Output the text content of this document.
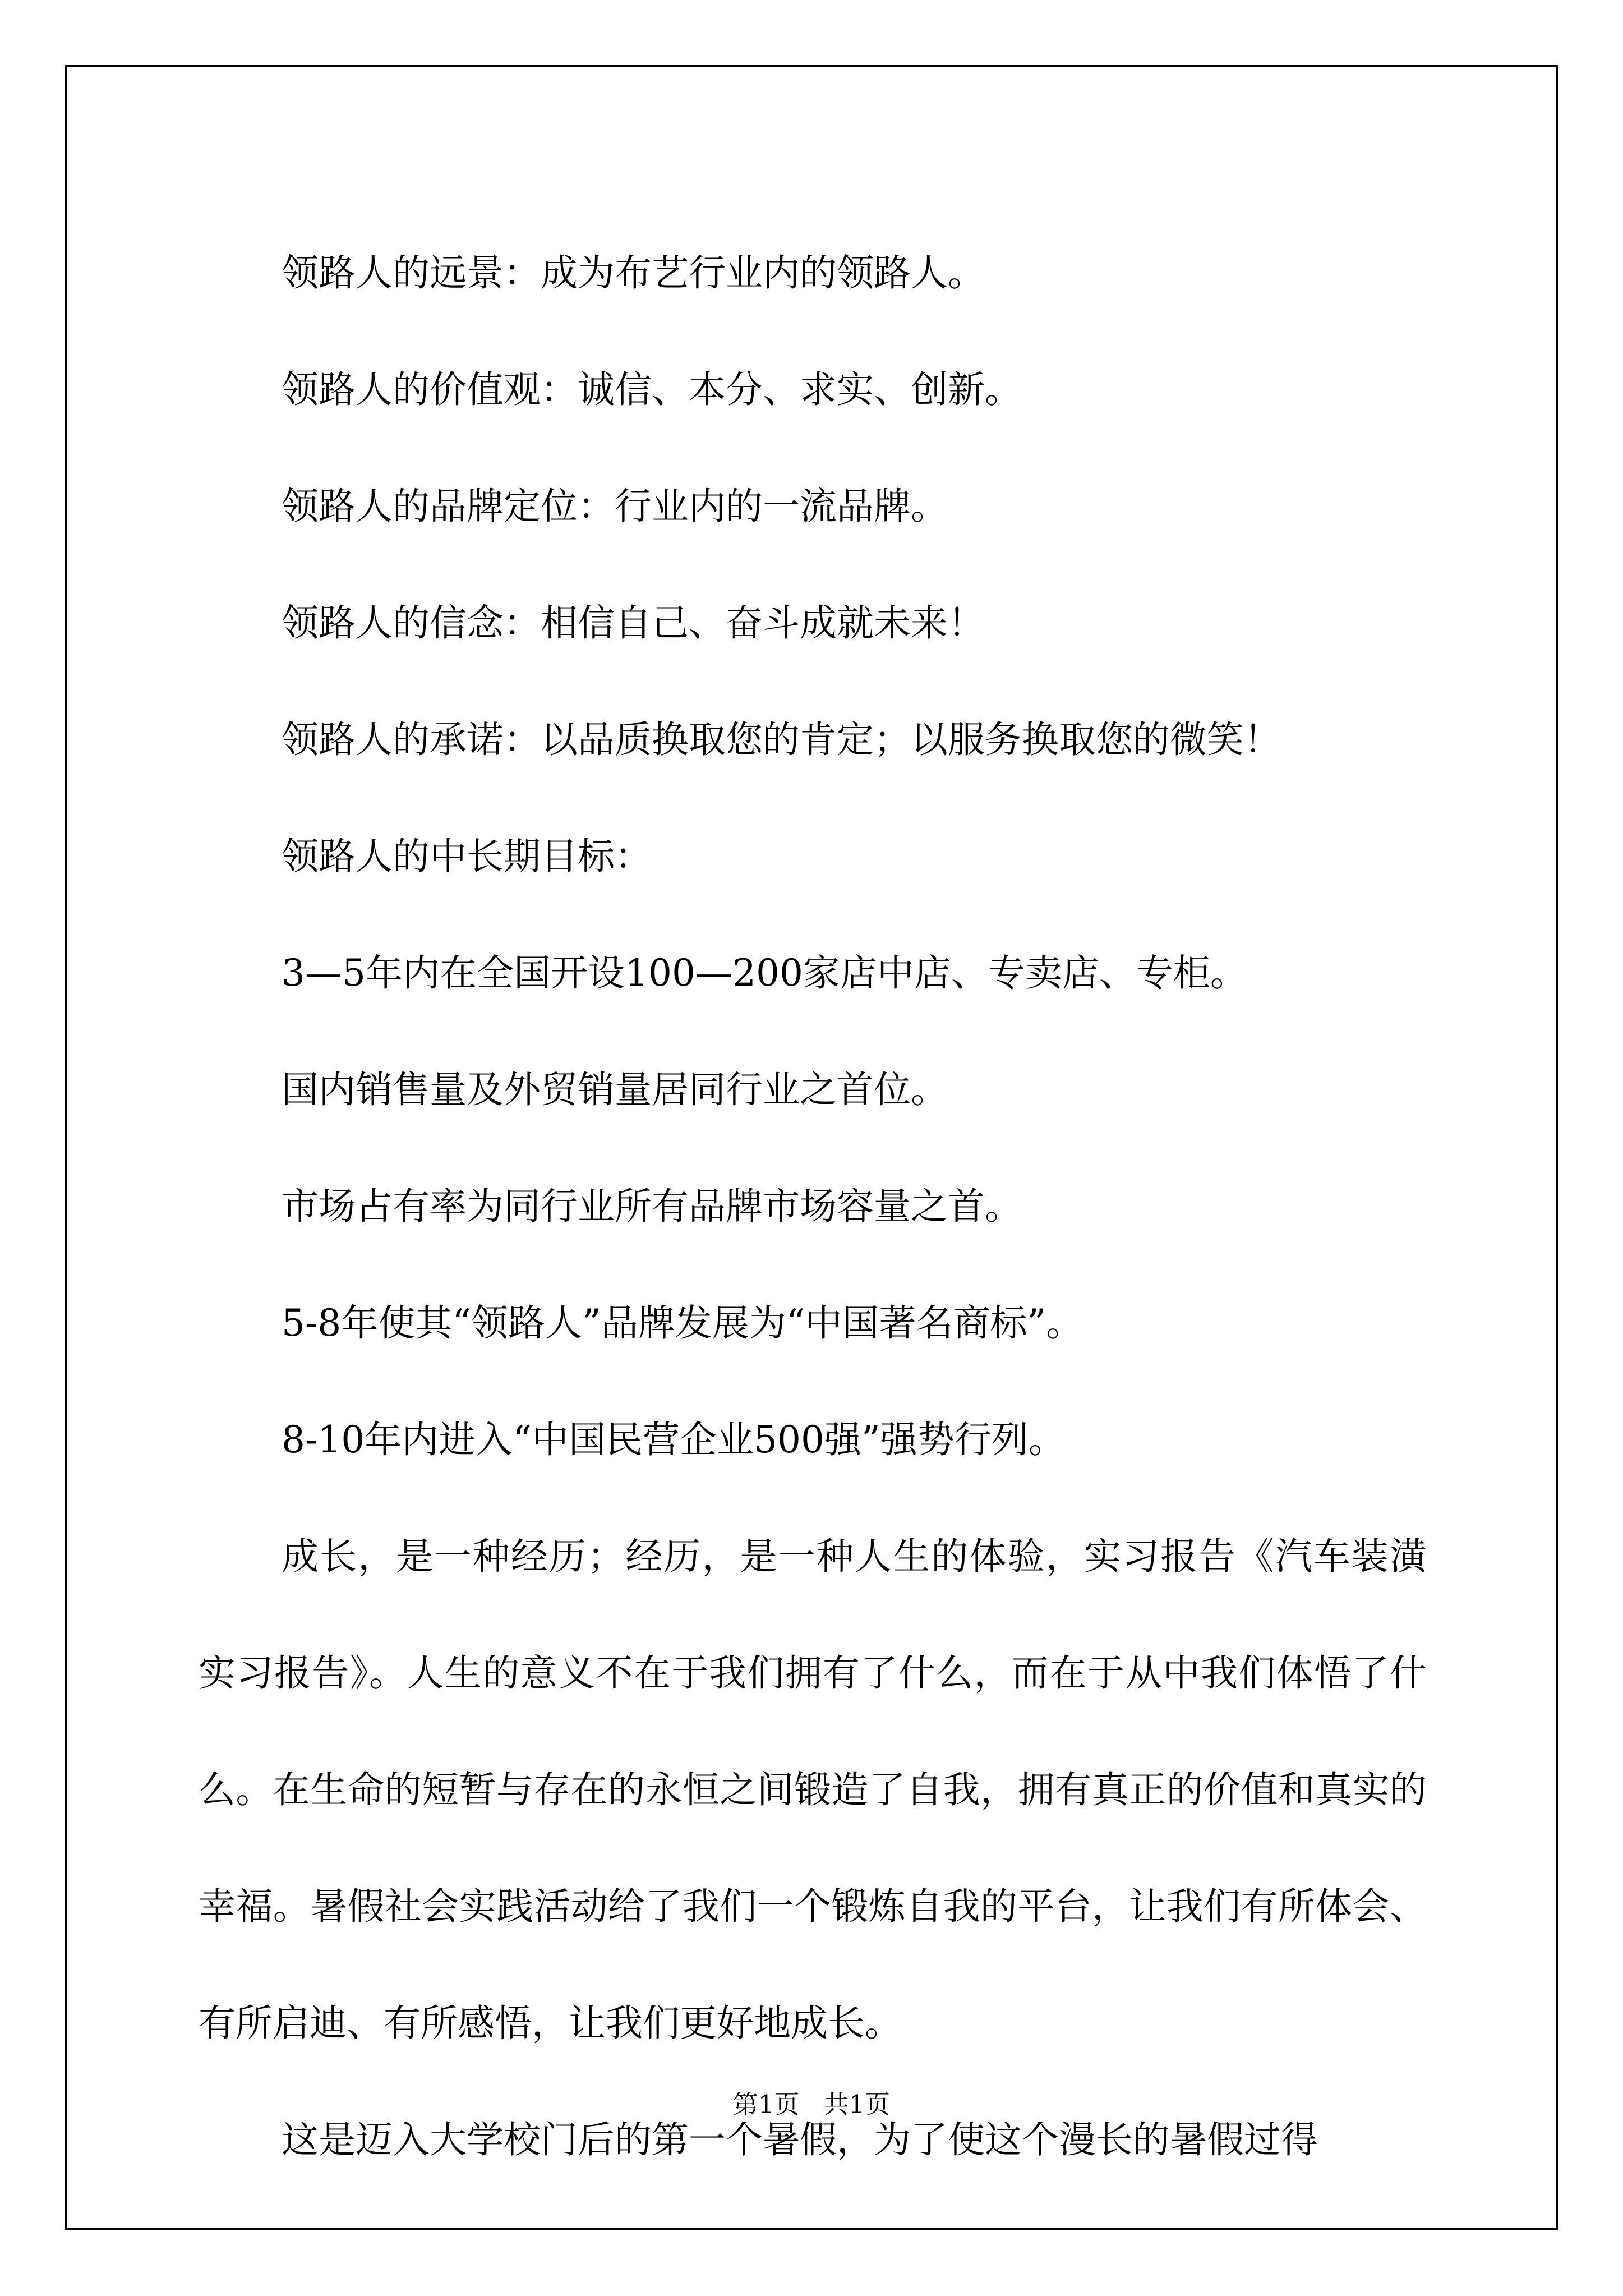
领路人的远景：成为布艺行业内的领路人。

领路人的价值观：诚信、本分、求实、创新。

领路人的品牌定位：行业内的一流品牌。

领路人的信念：相信自己、奋斗成就未来！

领路人的承诺：以品质换取您的肯定；以服务换取您的微笑！

领路人的中长期目标：

3—5年内在全国开设100—200家店中店、专卖店、专柜。

国内销售量及外贸销量居同行业之首位。

市场占有率为同行业所有品牌市场容量之首。

5-8年使其“领路人”品牌发展为“中国著名商标”。

8-10年内进入“中国民营企业500强”强势行列。

成长，是一种经历；经历，是一种人生的体验，实习报告《汽车装潢实习报告》。人生的意义不在于我们拥有了什么，而在于从中我们体悟了什么。在生命的短暂与存在的永恒之间锻造了自我，拥有真正的价值和真实的幸福。暑假社会实践活动给了我们一个锻炼自我的平台，让我们有所体会、有所启迪、有所感悟，让我们更好地成长。

这是迈入大学校门后的第一个暑假，为了使这个漫长的暑假过得

第1页 共1页
